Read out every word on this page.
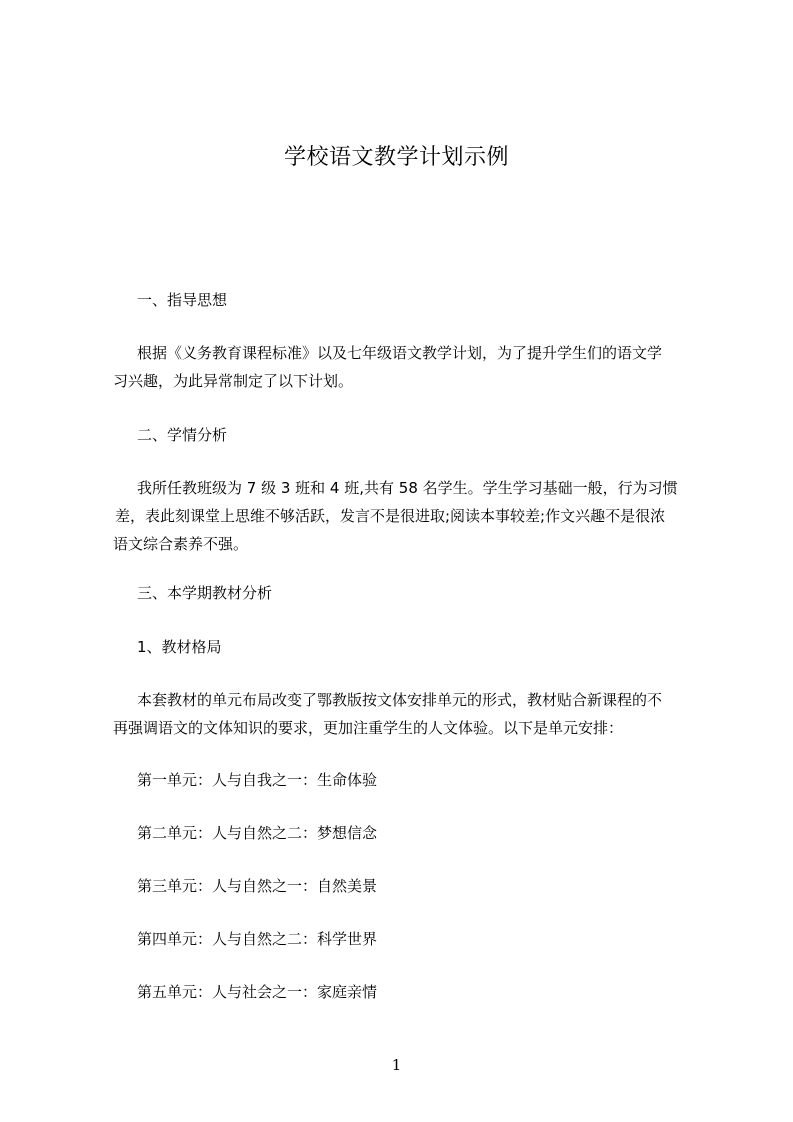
学校语文教学计划示例
一、指导思想
根据《义务教育课程标准》以及七年级语文教学计划，为了提升学生们的语文学
习兴趣，为此异常制定了以下计划。
二、学情分析
我所任教班级为 7 级 3 班和 4 班,共有 58 名学生。学生学习基础一般，行为习惯
差，表此刻课堂上思维不够活跃，发言不是很进取;阅读本事较差;作文兴趣不是很浓
语文综合素养不强。
三、本学期教材分析
1、教材格局
本套教材的单元布局改变了鄂教版按文体安排单元的形式，教材贴合新课程的不
再强调语文的文体知识的要求，更加注重学生的人文体验。以下是单元安排：
第一单元：人与自我之一：生命体验
第二单元：人与自然之二：梦想信念
第三单元：人与自然之一：自然美景
第四单元：人与自然之二：科学世界
第五单元：人与社会之一：家庭亲情
1
